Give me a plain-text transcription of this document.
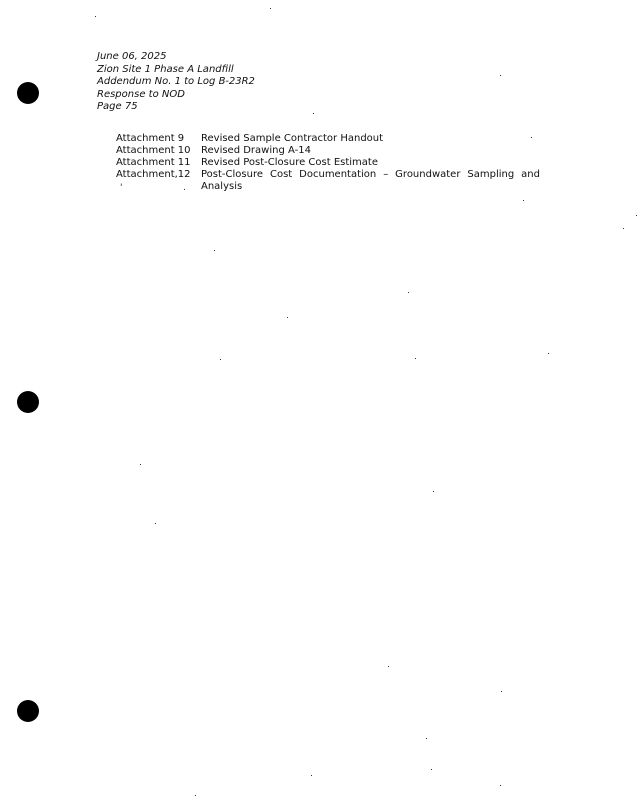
June 06, 2025
Zion Site 1 Phase A Landfill
Addendum No. 1 to Log B-23R2
Response to NOD
Page 75
Attachment 9	Revised Sample Contractor Handout
Attachment 10	Revised Drawing A-14
Attachment 11	Revised Post-Closure Cost Estimate
Attachment,12	Post-Closure Cost Documentation – Groundwater Sampling and Analysis
'	.
